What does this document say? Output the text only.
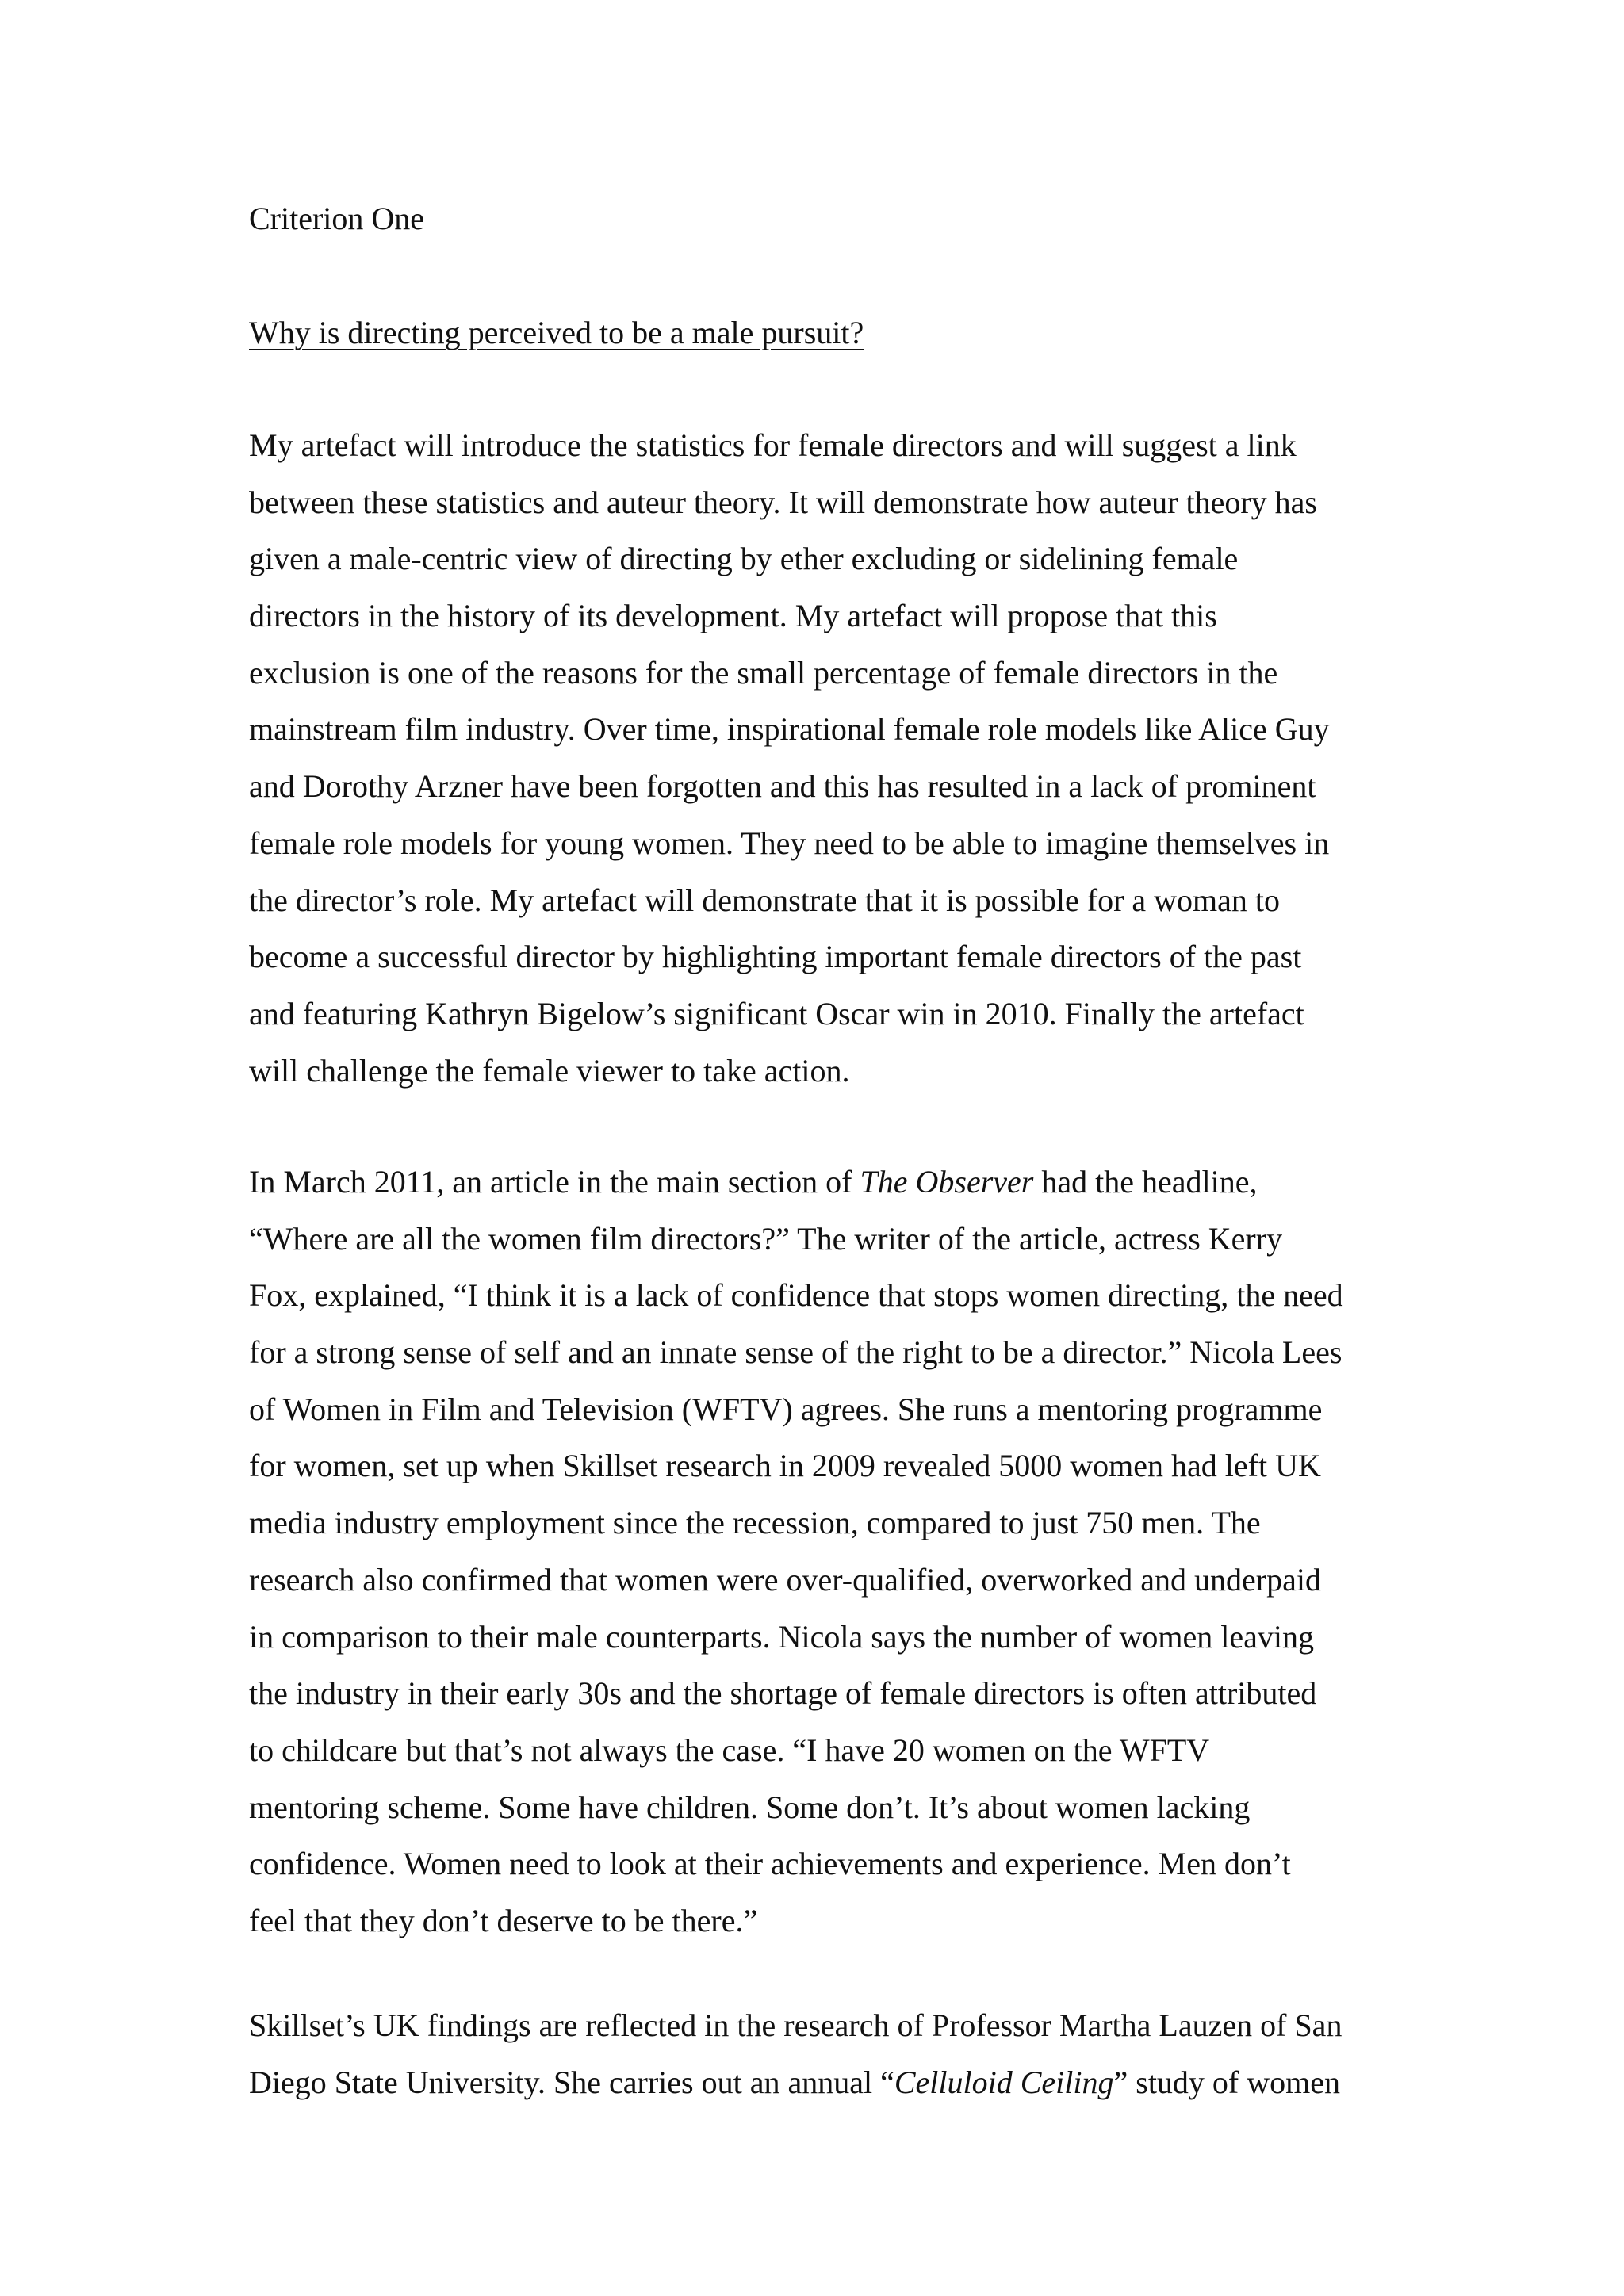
Criterion One
Why is directing perceived to be a male pursuit?
My artefact will introduce the statistics for female directors and will suggest a link
between these statistics and auteur theory. It will demonstrate how auteur theory has
given a male-centric view of directing by ether excluding or sidelining female
directors in the history of its development. My artefact will propose that this
exclusion is one of the reasons for the small percentage of female directors in the
mainstream film industry. Over time, inspirational female role models like Alice Guy
and Dorothy Arzner have been forgotten and this has resulted in a lack of prominent
female role models for young women. They need to be able to imagine themselves in
the director’s role. My artefact will demonstrate that it is possible for a woman to
become a successful director by highlighting important female directors of the past
and featuring Kathryn Bigelow’s significant Oscar win in 2010. Finally the artefact
will challenge the female viewer to take action.
In March 2011, an article in the main section of The Observer had the headline,
“Where are all the women film directors?” The writer of the article, actress Kerry
Fox, explained, “I think it is a lack of confidence that stops women directing, the need
for a strong sense of self and an innate sense of the right to be a director.” Nicola Lees
of Women in Film and Television (WFTV) agrees. She runs a mentoring programme
for women, set up when Skillset research in 2009 revealed 5000 women had left UK
media industry employment since the recession, compared to just 750 men. The
research also confirmed that women were over-qualified, overworked and underpaid
in comparison to their male counterparts. Nicola says the number of women leaving
the industry in their early 30s and the shortage of female directors is often attributed
to childcare but that’s not always the case. “I have 20 women on the WFTV
mentoring scheme. Some have children. Some don’t. It’s about women lacking
confidence. Women need to look at their achievements and experience. Men don’t
feel that they don’t deserve to be there.”
Skillset’s UK findings are reflected in the research of Professor Martha Lauzen of San
Diego State University. She carries out an annual “Celluloid Ceiling” study of women
